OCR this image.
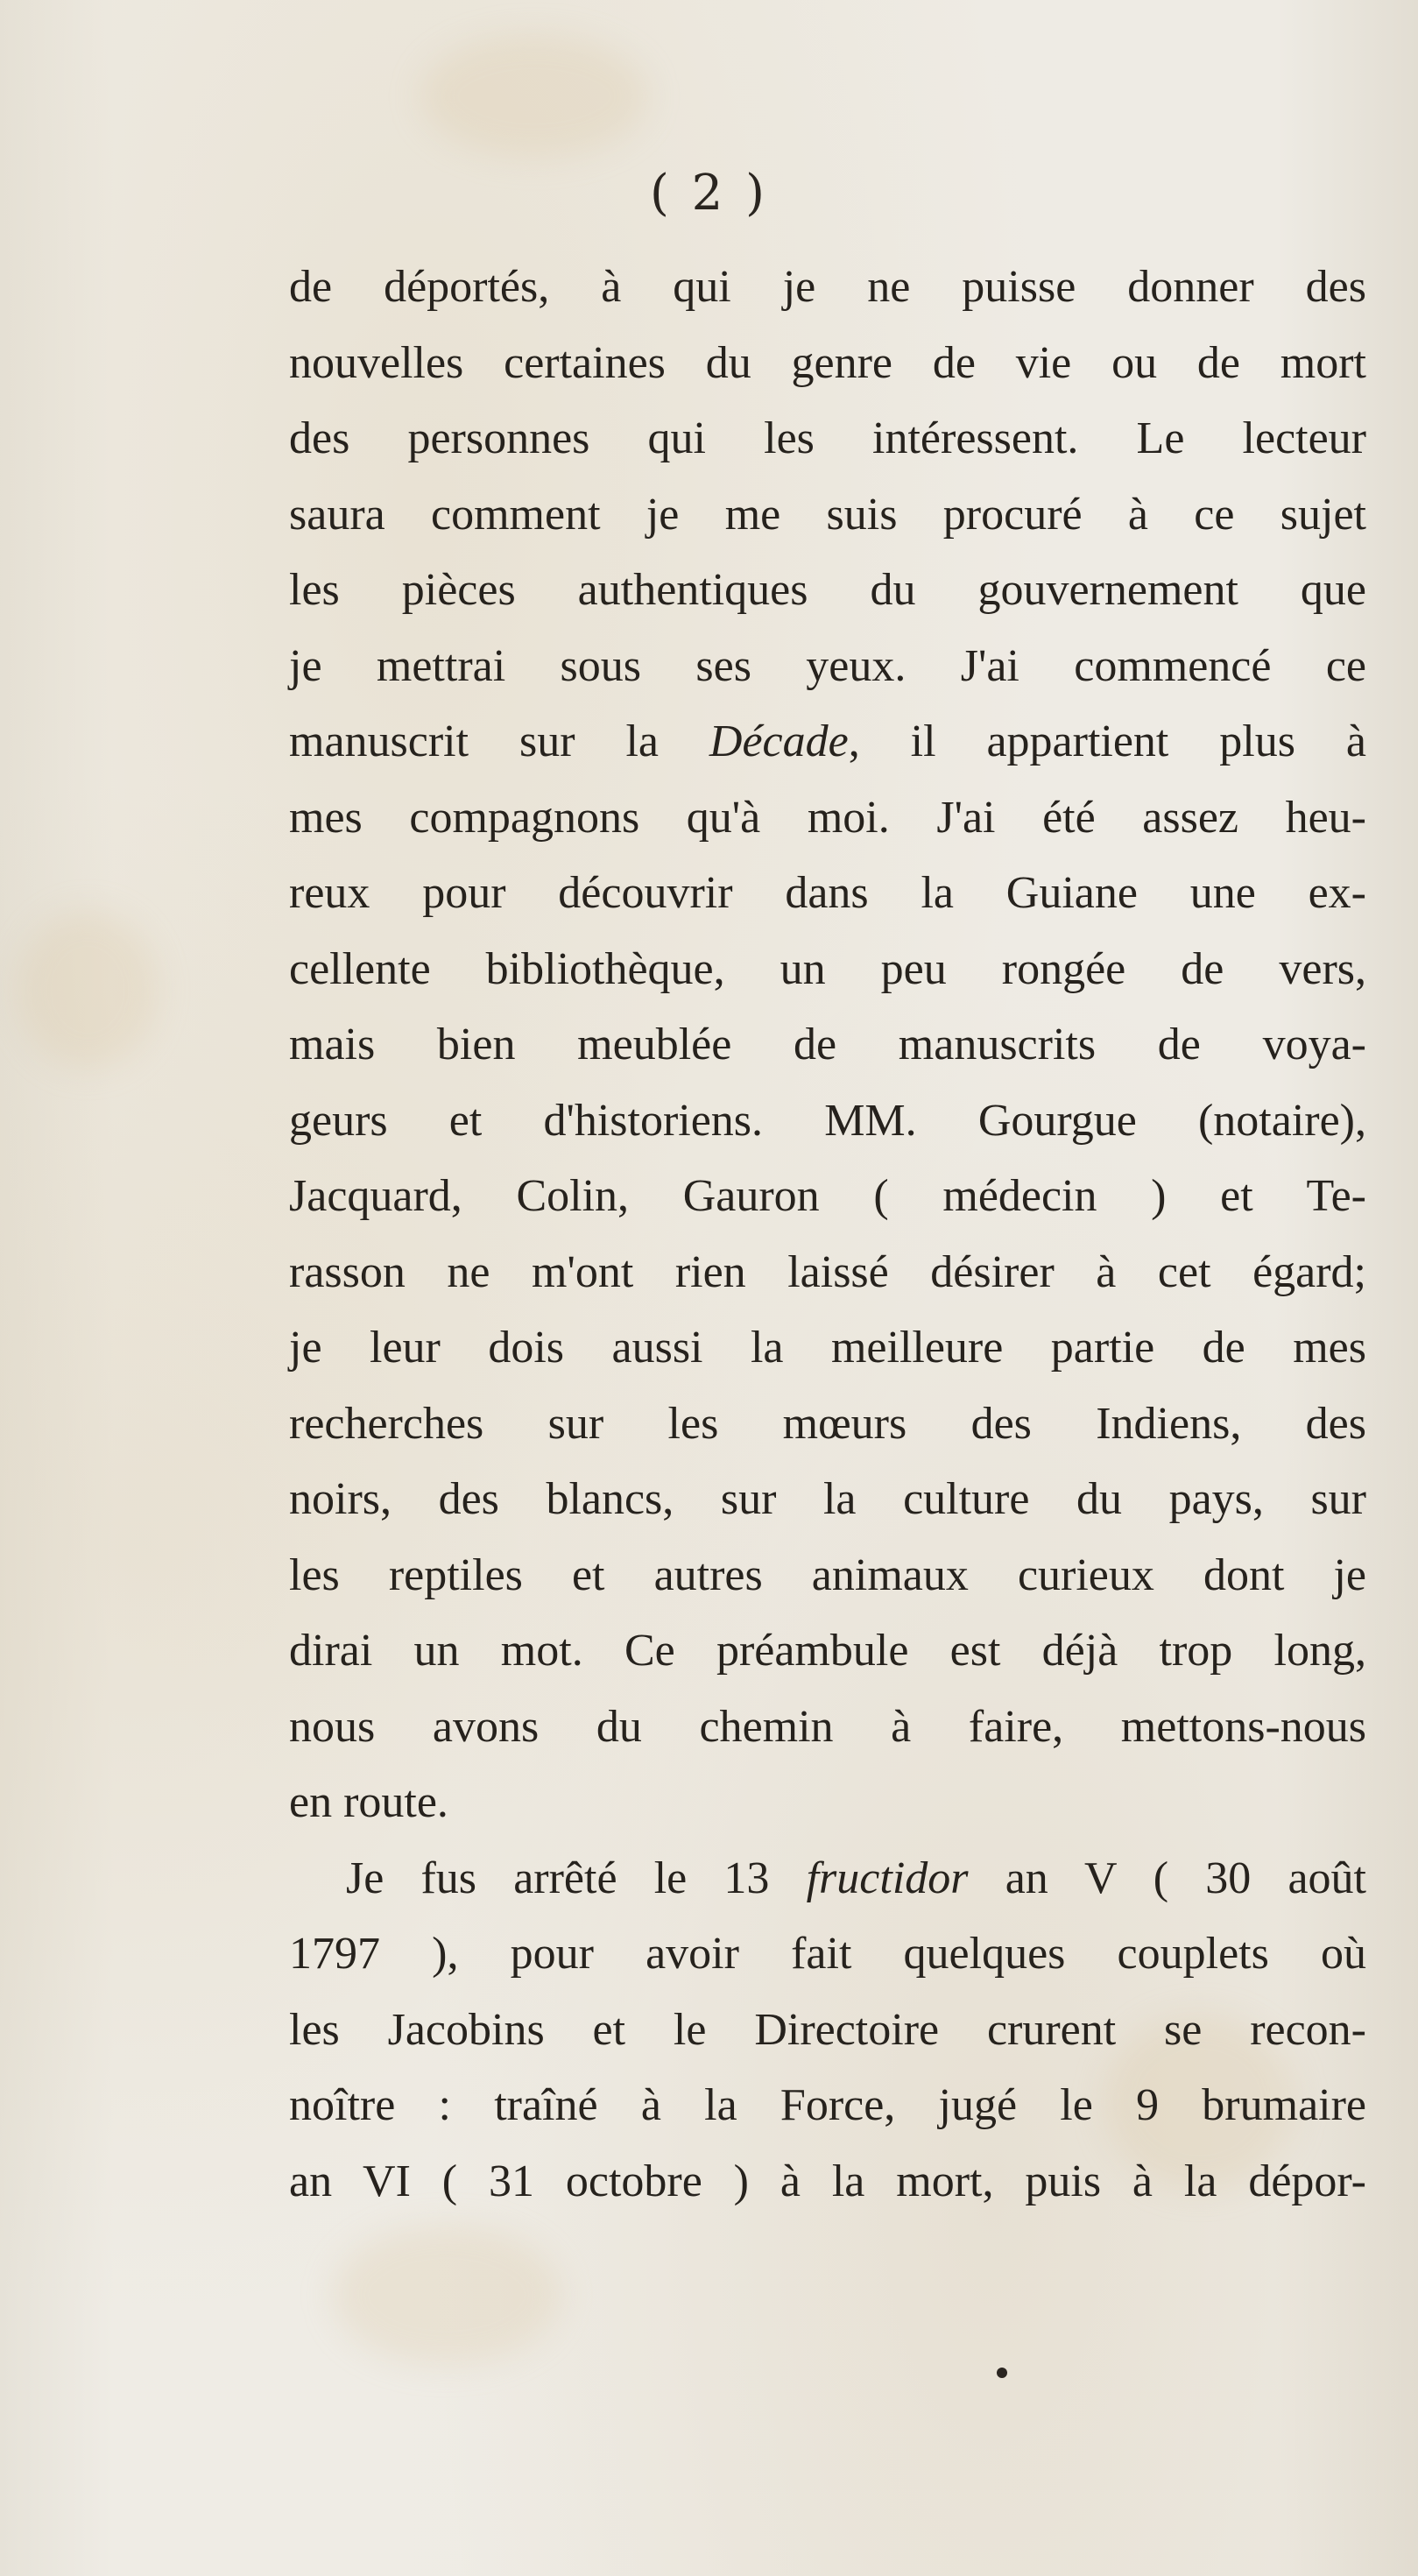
( 2 )
de déportés, à qui je ne puisse donner des
nouvelles certaines du genre de vie ou de mort
des personnes qui les intéressent. Le lecteur
saura comment je me suis procuré à ce sujet
les pièces authentiques du gouvernement que
je mettrai sous ses yeux. J'ai commencé ce
manuscrit sur la Décade, il appartient plus à
mes compagnons qu'à moi. J'ai été assez heu-
reux pour découvrir dans la Guiane une ex-
cellente bibliothèque, un peu rongée de vers,
mais bien meublée de manuscrits de voya-
geurs et d'historiens. MM. Gourgue (notaire),
Jacquard, Colin, Gauron ( médecin ) et Te-
rasson ne m'ont rien laissé désirer à cet égard;
je leur dois aussi la meilleure partie de mes
recherches sur les mœurs des Indiens, des
noirs, des blancs, sur la culture du pays, sur
les reptiles et autres animaux curieux dont je
dirai un mot. Ce préambule est déjà trop long,
nous avons du chemin à faire, mettons-nous
en route.
Je fus arrêté le 13 fructidor an V ( 30 août
1797 ), pour avoir fait quelques couplets où
les Jacobins et le Directoire crurent se recon-
noître : traîné à la Force, jugé le 9 brumaire
an VI ( 31 octobre ) à la mort, puis à la dépor-
